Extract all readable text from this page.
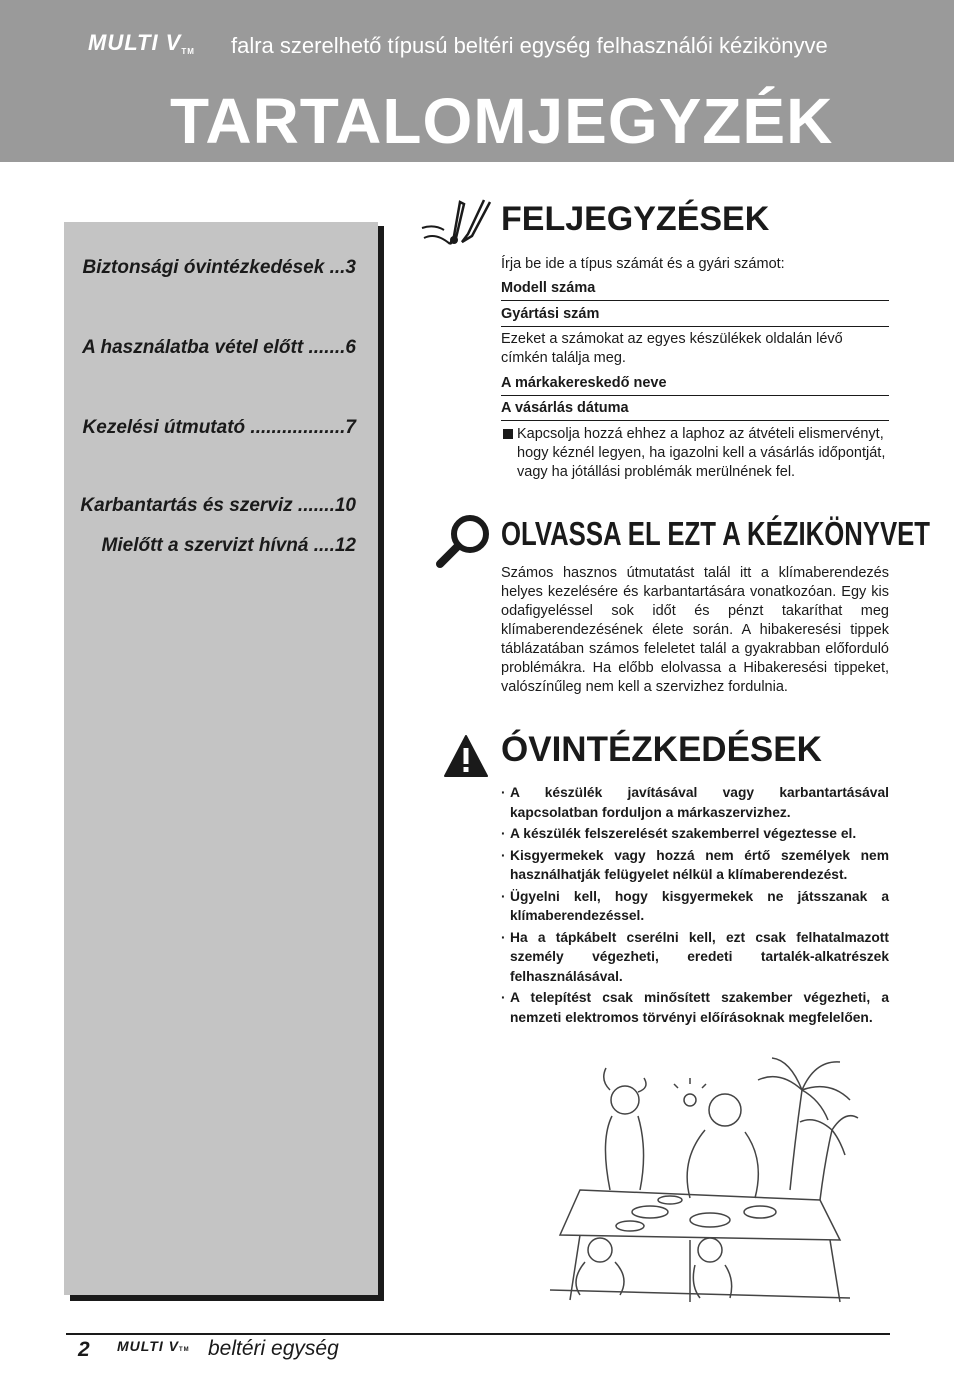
MULTI VTM falra szerelhető típusú beltéri egység felhasználói kézikönyve
TARTALOMJEGYZÉK
Biztonsági óvintézkedések ...3
A használatba vétel előtt .......6
Kezelési útmutató ..................7
Karbantartás és szerviz .......10
Mielőtt a szervizt hívná ....12
FELJEGYZÉSEK
Írja be ide a típus számát és a gyári számot:
Modell száma
Gyártási szám
Ezeket a számokat az egyes készülékek oldalán lévő címkén találja meg.
A márkakereskedő neve
A vásárlás dátuma
Kapcsolja hozzá ehhez a laphoz az átvételi elismervényt, hogy kéznél legyen, ha igazolni kell a vásárlás időpontját, vagy ha jótállási problémák merülnének fel.
OLVASSA EL EZT A KÉZIKÖNYVET
Számos hasznos útmutatást talál itt a klímaberendezés helyes kezelésére és karbantartására vonatkozóan. Egy kis odafigyeléssel sok időt és pénzt takaríthat meg klímaberendezésének élete során. A hibakeresési tippek táblázatában számos feleletet talál a gyakrabban előforduló problémákra. Ha előbb elolvassa a Hibakeresési tippeket, valószínűleg nem kell a szervizhez fordulnia.
ÓVINTÉZKEDÉSEK
· A készülék javításával vagy karbantartásával kapcsolatban forduljon a márkaszervizhez.
· A készülék felszerelését szakemberrel végeztesse el.
· Kisgyermekek vagy hozzá nem értő személyek nem használhatják felügyelet nélkül a klímaberendezést.
· Ügyelni kell, hogy kisgyermekek ne játsszanak a klímaberendezéssel.
· Ha a tápkábelt cserélni kell, ezt csak felhatalmazott személy végezheti, eredeti tartalék-alkatrészek felhasználásával.
· A telepítést csak minősített szakember végezheti, a nemzeti elektromos törvényi előírásoknak megfelelően.
2 MULTI VTM beltéri egység
